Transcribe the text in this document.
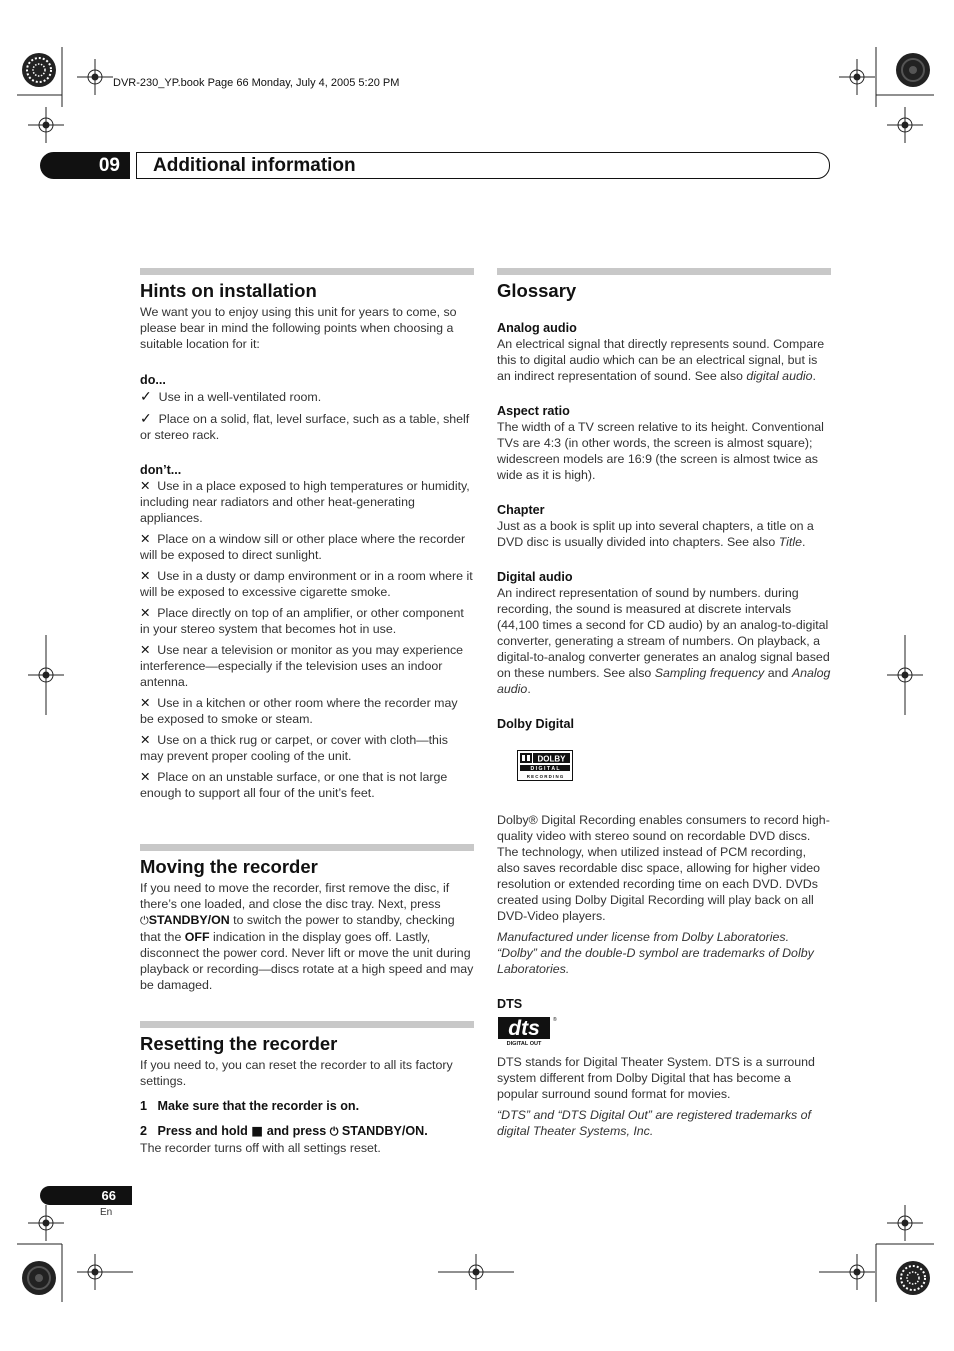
DVR-230_YP.book Page 66 Monday, July 4, 2005 5:20 PM
09	Additional information
Hints on installation

We want you to enjoy using this unit for years to come, so please bear in mind the following points when choosing a suitable location for it:

do...

✓ Use in a well-ventilated room.

✓ Place on a solid, flat, level surface, such as a table, shelf or stereo rack.

don’t...

✕ Use in a place exposed to high temperatures or humidity, including near radiators and other heat-generating appliances.

✕ Place on a window sill or other place where the recorder will be exposed to direct sunlight.

✕ Use in a dusty or damp environment or in a room where it will be exposed to excessive cigarette smoke.

✕ Place directly on top of an amplifier, or other component in your stereo system that becomes hot in use.

✕ Use near a television or monitor as you may experience interference—especially if the television uses an indoor antenna.

✕ Use in a kitchen or other room where the recorder may be exposed to smoke or steam.

✕ Use on a thick rug or carpet, or cover with cloth—this may prevent proper cooling of the unit.

✕ Place on an unstable surface, or one that is not large enough to support all four of the unit’s feet.

Moving the recorder

If you need to move the recorder, first remove the disc, if there’s one loaded, and close the disc tray. Next, press ⏻STANDBY/ON to switch the power to standby, checking that the OFF indication in the display goes off. Lastly, disconnect the power cord. Never lift or move the unit during playback or recording—discs rotate at a high speed and may be damaged.

Resetting the recorder

If you need to, you can reset the recorder to all its factory settings.

1 Make sure that the recorder is on.

2 Press and hold ■ and press ⏻ STANDBY/ON.

The recorder turns off with all settings reset.

Glossary

Analog audio

An electrical signal that directly represents sound. Compare this to digital audio which can be an electrical signal, but is an indirect representation of sound. See also digital audio.

Aspect ratio

The width of a TV screen relative to its height. Conventional TVs are 4:3 (in other words, the screen is almost square); widescreen models are 16:9 (the screen is almost twice as wide as it is high).

Chapter

Just as a book is split up into several chapters, a title on a DVD disc is usually divided into chapters. See also Title.

Digital audio

An indirect representation of sound by numbers. during recording, the sound is measured at discrete intervals (44,100 times a second for CD audio) by an analog-to-digital converter, generating a stream of numbers. On playback, a digital-to-analog converter generates an analog signal based on these numbers. See also Sampling frequency and Analog audio.

Dolby Digital

DOLBY
D I G I T A L
R E C O R D I N G

Dolby® Digital Recording enables consumers to record high-quality video with stereo sound on recordable DVD discs. The technology, when utilized instead of PCM recording, also saves recordable disc space, allowing for higher video resolution or extended recording time on each DVD. DVDs created using Dolby Digital Recording will play back on all DVD-Video players.

Manufactured under license from Dolby Laboratories. “Dolby” and the double-D symbol are trademarks of Dolby Laboratories.

DTS

dts	®
DIGITAL OUT

DTS stands for Digital Theater System. DTS is a surround system different from Dolby Digital that has become a popular surround sound format for movies.

“DTS” and “DTS Digital Out” are registered trademarks of digital Theater Systems, Inc.

66
En
